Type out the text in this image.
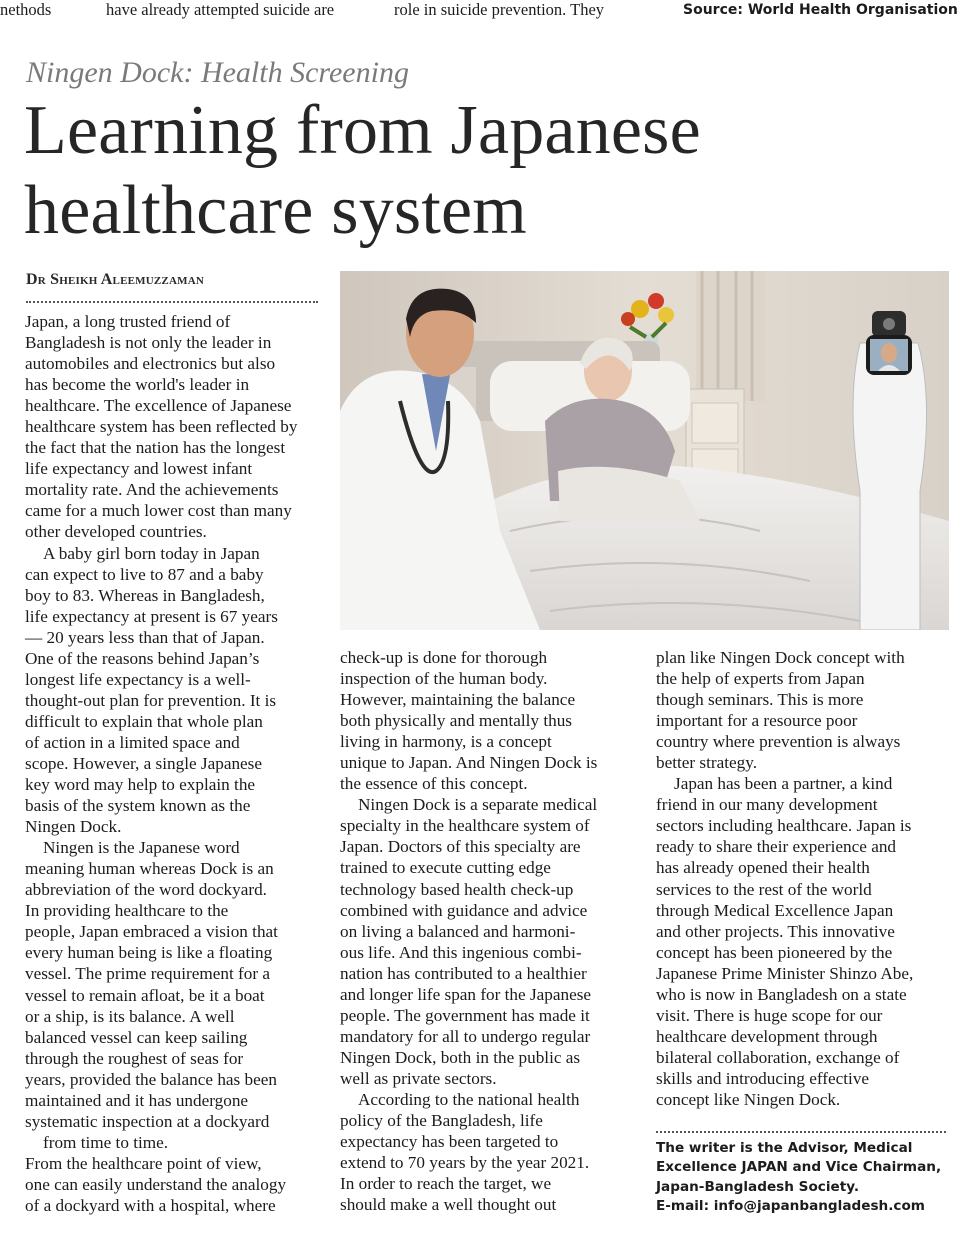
nethods	have already attempted suicide are	role in suicide prevention. They	Source: World Health Organisation
Ningen Dock: Health Screening
Learning from Japanese
healthcare system
Dr Sheikh Aleemuzzaman
Japan, a long trusted friend of
Bangladesh is not only the leader in
automobiles and electronics but also
has become the world's leader in
healthcare. The excellence of Japanese
healthcare system has been reflected by
the fact that the nation has the longest
life expectancy and lowest infant
mortality rate. And the achievements
came for a much lower cost than many
other developed countries.
A baby girl born today in Japan
can expect to live to 87 and a baby
boy to 83. Whereas in Bangladesh,
life expectancy at present is 67 years
— 20 years less than that of Japan.
One of the reasons behind Japan’s
longest life expectancy is a well-
thought-out plan for prevention. It is
difficult to explain that whole plan
of action in a limited space and
scope. However, a single Japanese
key word may help to explain the
basis of the system known as the
Ningen Dock.
Ningen is the Japanese word
meaning human whereas Dock is an
abbreviation of the word dockyard.
In providing healthcare to the
people, Japan embraced a vision that
every human being is like a floating
vessel. The prime requirement for a
vessel to remain afloat, be it a boat
or a ship, is its balance. A well
balanced vessel can keep sailing
through the roughest of seas for
years, provided the balance has been
maintained and it has undergone
systematic inspection at a dockyard
from time to time.
From the healthcare point of view,
one can easily understand the analogy
of a dockyard with a hospital, where
check-up is done for thorough
inspection of the human body.
However, maintaining the balance
both physically and mentally thus
living in harmony, is a concept
unique to Japan. And Ningen Dock is
the essence of this concept.
Ningen Dock is a separate medical
specialty in the healthcare system of
Japan. Doctors of this specialty are
trained to execute cutting edge
technology based health check-up
combined with guidance and advice
on living a balanced and harmoni-
ous life. And this ingenious combi-
nation has contributed to a healthier
and longer life span for the Japanese
people. The government has made it
mandatory for all to undergo regular
Ningen Dock, both in the public as
well as private sectors.
According to the national health
policy of the Bangladesh, life
expectancy has been targeted to
extend to 70 years by the year 2021.
In order to reach the target, we
should make a well thought out
plan like Ningen Dock concept with
the help of experts from Japan
though seminars. This is more
important for a resource poor
country where prevention is always
better strategy.
Japan has been a partner, a kind
friend in our many development
sectors including healthcare. Japan is
ready to share their experience and
has already opened their health
services to the rest of the world
through Medical Excellence Japan
and other projects. This innovative
concept has been pioneered by the
Japanese Prime Minister Shinzo Abe,
who is now in Bangladesh on a state
visit. There is huge scope for our
healthcare development through
bilateral collaboration, exchange of
skills and introducing effective
concept like Ningen Dock.
The writer is the Advisor, Medical
Excellence JAPAN and Vice Chairman,
Japan-Bangladesh Society.
E-mail: info@japanbangladesh.com
